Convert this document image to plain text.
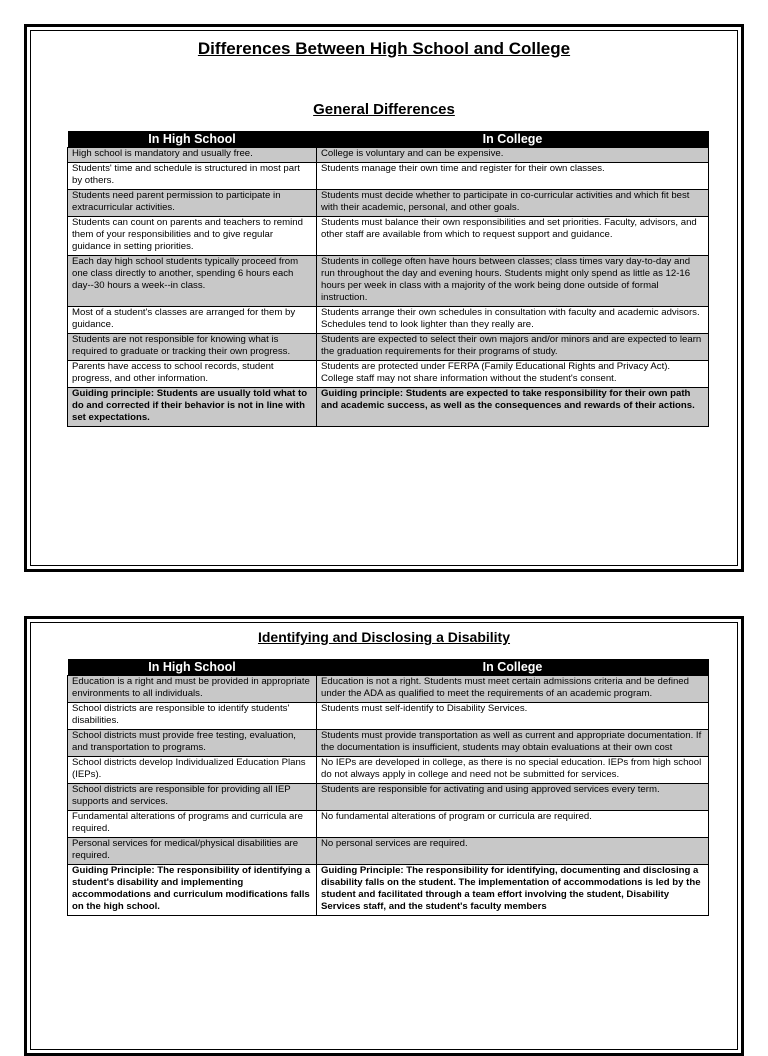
Differences Between High School and College
General Differences
In High School	In College
High school is mandatory and usually free.	College is voluntary and can be expensive.
Students' time and schedule is structured in most part by others.	Students manage their own time and register for their own classes.
Students need parent permission to participate in extracurricular activities.	Students must decide whether to participate in co-curricular activities and which fit best with their academic, personal, and other goals.
Students can count on parents and teachers to remind them of your responsibilities and to give regular guidance in setting priorities.	Students must balance their own responsibilities and set priorities. Faculty, advisors, and other staff are available from which to request support and guidance.
Each day high school students typically proceed from one class directly to another, spending 6 hours each day--30 hours a week--in class.	Students in college often have hours between classes; class times vary day-to-day and run throughout the day and evening hours. Students might only spend as little as 12-16 hours per week in class with a majority of the work being done outside of formal instruction.
Most of a student's classes are arranged for them by guidance.	Students arrange their own schedules in consultation with faculty and academic advisors. Schedules tend to look lighter than they really are.
Students are not responsible for knowing what is required to graduate or tracking their own progress.	Students are expected to select their own majors and/or minors and are expected to learn the graduation requirements for their programs of study.
Parents have access to school records, student progress, and other information.	Students are protected under FERPA (Family Educational Rights and Privacy Act). College staff may not share information without the student's consent.
Guiding principle: Students are usually told what to do and corrected if their behavior is not in line with set expectations.	Guiding principle: Students are expected to take responsibility for their own path and academic success, as well as the consequences and rewards of their actions.
Identifying and Disclosing a Disability
In High School	In College
Education is a right and must be provided in appropriate environments to all individuals.	Education is not a right. Students must meet certain admissions criteria and be defined under the ADA as qualified to meet the requirements of an academic program.
School districts are responsible to identify students' disabilities.	Students must self-identify to Disability Services.
School districts must provide free testing, evaluation, and transportation to programs.	Students must provide transportation as well as current and appropriate documentation. If the documentation is insufficient, students may obtain evaluations at their own cost
School districts develop Individualized Education Plans (IEPs).	No IEPs are developed in college, as there is no special education. IEPs from high school do not always apply in college and need not be submitted for services.
School districts are responsible for providing all IEP supports and services.	Students are responsible for activating and using approved services every term.
Fundamental alterations of programs and curricula are required.	No fundamental alterations of program or curricula are required.
Personal services for medical/physical disabilities are required.	No personal services are required.
Guiding Principle: The responsibility of identifying a student's disability and implementing accommodations and curriculum modifications falls on the high school.	Guiding Principle: The responsibility for identifying, documenting and disclosing a disability falls on the student. The implementation of accommodations is led by the student and facilitated through a team effort involving the student, Disability Services staff, and the student's faculty members
